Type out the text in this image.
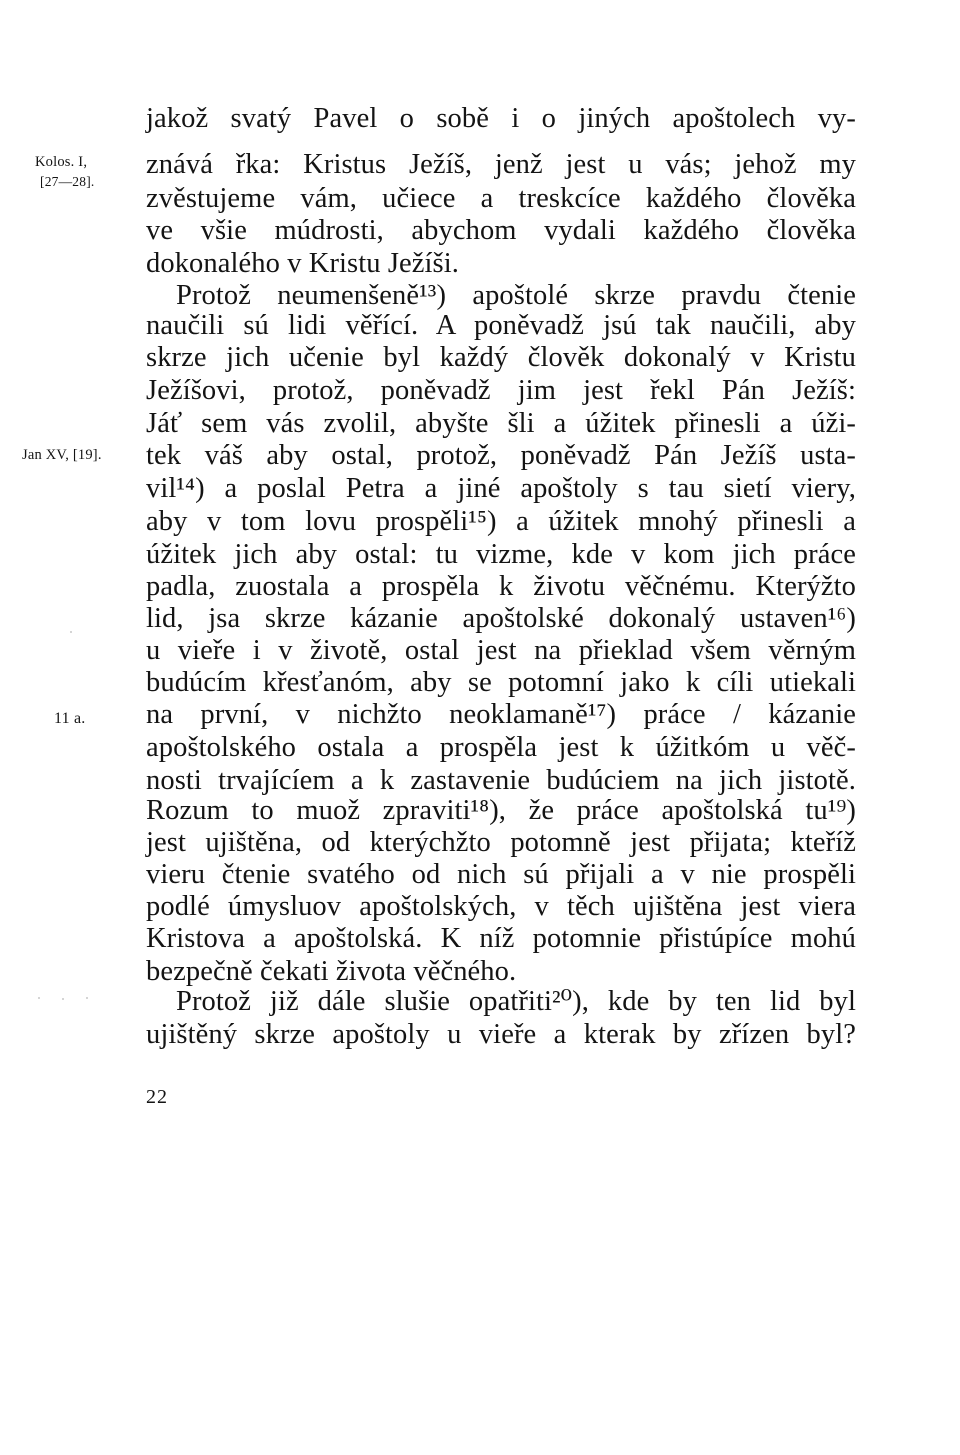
jakož svatý Pavel o sobě i o jiných apoštolech vy-
Kolos. I,
[27—28].
Jan XV, [19].
11 a.
znává řka: Kristus Ježíš, jenž jest u vás; jehož my
zvěstujeme vám, učiece a treskcíce každého člověka
ve všie múdrosti, abychom vydali každého člověka
dokonalého v Kristu Ježíši.
Protož neumenšeně¹³) apoštolé skrze pravdu čtenie
naučili sú lidi věřící. A poněvadž jsú tak naučili, aby
skrze jich učenie byl každý člověk dokonalý v Kristu
Ježíšovi, protož, poněvadž jim jest řekl Pán Ježíš:
Jáť sem vás zvolil, abyšte šli a úžitek přinesli a úži-
tek váš aby ostal, protož, poněvadž Pán Ježíš usta-
vil¹⁴) a poslal Petra a jiné apoštoly s tau sietí viery,
aby v tom lovu prospěli¹⁵) a úžitek mnohý přinesli a
úžitek jich aby ostal: tu vizme, kde v kom jich práce
padla, zuostala a prospěla k životu věčnému. Kterýžto
lid, jsa skrze kázanie apoštolské dokonalý ustaven¹⁶)
u vieře i v životě, ostal jest na přieklad všem věrným
budúcím křesťanóm, aby se potomní jako k cíli utiekali
na první, v nichžto neoklamaně¹⁷) práce / kázanie
apoštolského ostala a prospěla jest k úžitkóm u věč-
nosti trvajícíem a k zastavenie budúciem na jich jistotě.
Rozum to muož zpraviti¹⁸), že práce apoštolská tu¹⁹)
jest ujištěna, od kterýchžto potomně jest přijata; kteříž
vieru čtenie svatého od nich sú přijali a v nie prospěli
podlé úmysluov apoštolských, v těch ujištěna jest viera
Kristova a apoštolská. K níž potomnie přistúpíce mohú
bezpečně čekati života věčného.
Protož již dále slušie opatřiti²⁰), kde by ten lid byl
ujištěný skrze apoštoly u vieře a kterak by zřízen byl?
22
